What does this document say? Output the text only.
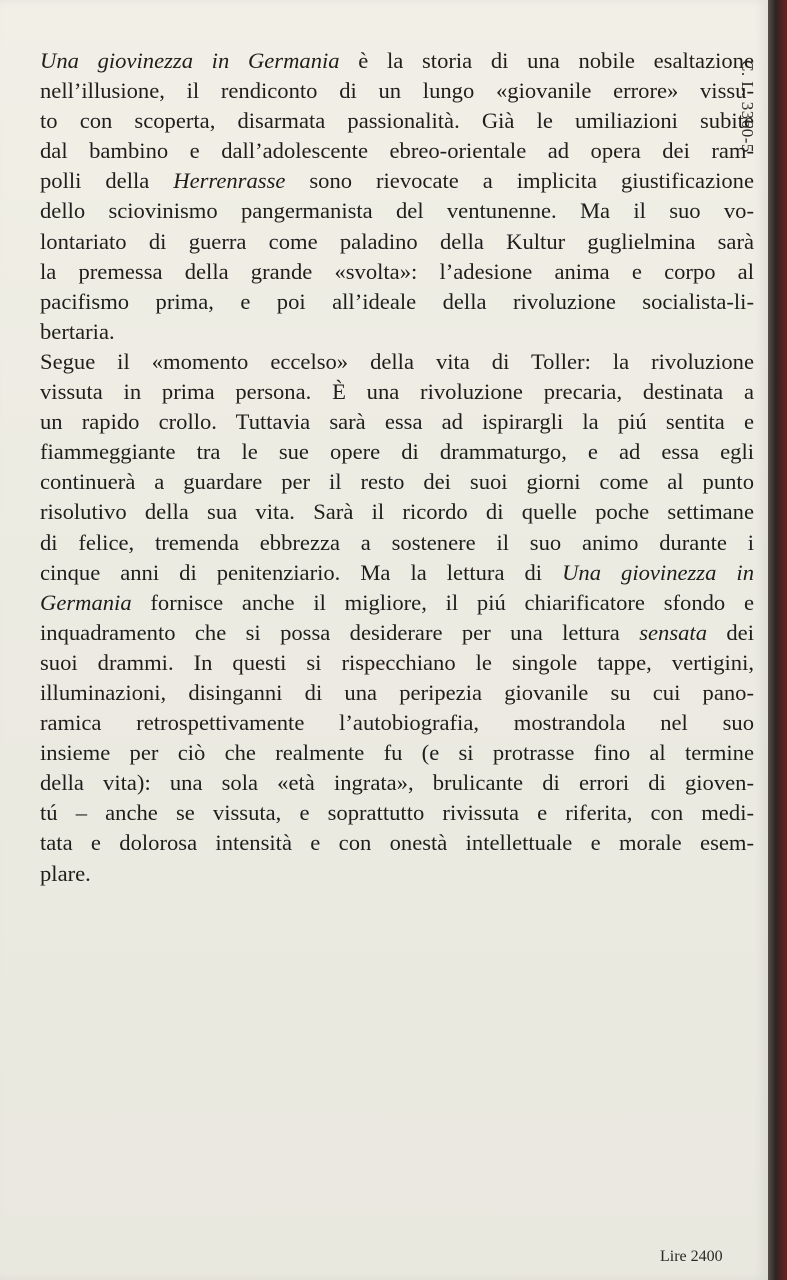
C. L. 3360-5
Una giovinezza in Germania è la storia di una nobile esaltazione
nell’illusione, il rendiconto di un lungo «giovanile errore» vissu-
to con scoperta, disarmata passionalità. Già le umiliazioni subite
dal bambino e dall’adolescente ebreo-orientale ad opera dei ram-
polli della Herrenrasse sono rievocate a implicita giustificazione
dello sciovinismo pangermanista del ventunenne. Ma il suo vo-
lontariato di guerra come paladino della Kultur guglielmina sarà
la premessa della grande «svolta»: l’adesione anima e corpo al
pacifismo prima, e poi all’ideale della rivoluzione socialista-li-
bertaria.
Segue il «momento eccelso» della vita di Toller: la rivoluzione
vissuta in prima persona. È una rivoluzione precaria, destinata a
un rapido crollo. Tuttavia sarà essa ad ispirargli la piú sentita e
fiammeggiante tra le sue opere di drammaturgo, e ad essa egli
continuerà a guardare per il resto dei suoi giorni come al punto
risolutivo della sua vita. Sarà il ricordo di quelle poche settimane
di felice, tremenda ebbrezza a sostenere il suo animo durante i
cinque anni di penitenziario. Ma la lettura di Una giovinezza in
Germania fornisce anche il migliore, il piú chiarificatore sfondo e
inquadramento che si possa desiderare per una lettura sensata dei
suoi drammi. In questi si rispecchiano le singole tappe, vertigini,
illuminazioni, disinganni di una peripezia giovanile su cui pano-
ramica retrospettivamente l’autobiografia, mostrandola nel suo
insieme per ciò che realmente fu (e si protrasse fino al termine
della vita): una sola «età ingrata», brulicante di errori di gioven-
tú – anche se vissuta, e soprattutto rivissuta e riferita, con medi-
tata e dolorosa intensità e con onestà intellettuale e morale esem-
plare.
Lire 2400
